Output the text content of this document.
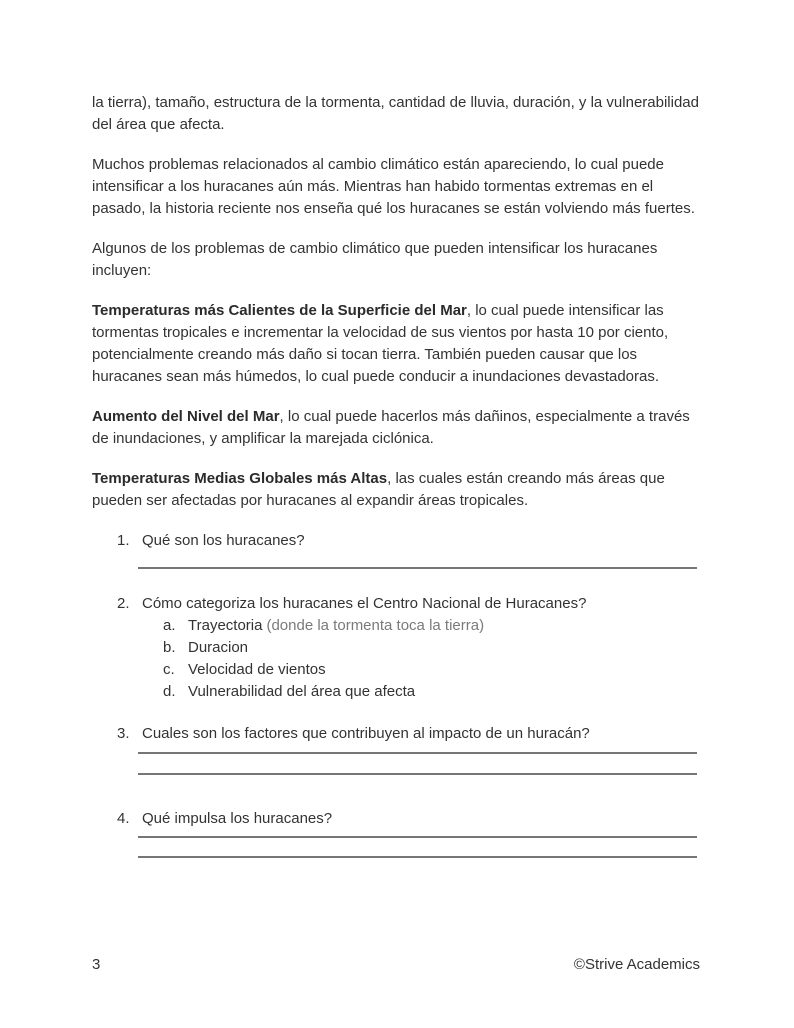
la tierra), tamaño, estructura de la tormenta, cantidad de lluvia, duración, y la vulnerabilidad del área que afecta.

Muchos problemas relacionados al cambio climático están apareciendo, lo cual puede intensificar a los huracanes aún más. Mientras han habido tormentas extremas en el pasado, la historia reciente nos enseña qué los huracanes se están volviendo más fuertes.

Algunos de los problemas de cambio climático que pueden intensificar los huracanes incluyen:

Temperaturas más Calientes de la Superficie del Mar, lo cual puede intensificar las tormentas tropicales e incrementar la velocidad de sus vientos por hasta 10 por ciento, potencialmente creando más daño si tocan tierra. También pueden causar que los huracanes sean más húmedos, lo cual puede conducir a inundaciones devastadoras.

Aumento del Nivel del Mar, lo cual puede hacerlos más dañinos, especialmente a través de inundaciones, y amplificar la marejada ciclónica.

Temperaturas Medias Globales más Altas, las cuales están creando más áreas que pueden ser afectadas por huracanes al expandir áreas tropicales.

1. Qué son los huracanes?
2. Cómo categoriza los huracanes el Centro Nacional de Huracanes?
a. Trayectoria (donde la tormenta toca la tierra)
b. Duracion
c. Velocidad de vientos
d. Vulnerabilidad del área que afecta
3. Cuales son los factores que contribuyen al impacto de un huracán?
4. Qué impulsa los huracanes?
3	©Strive Academics
